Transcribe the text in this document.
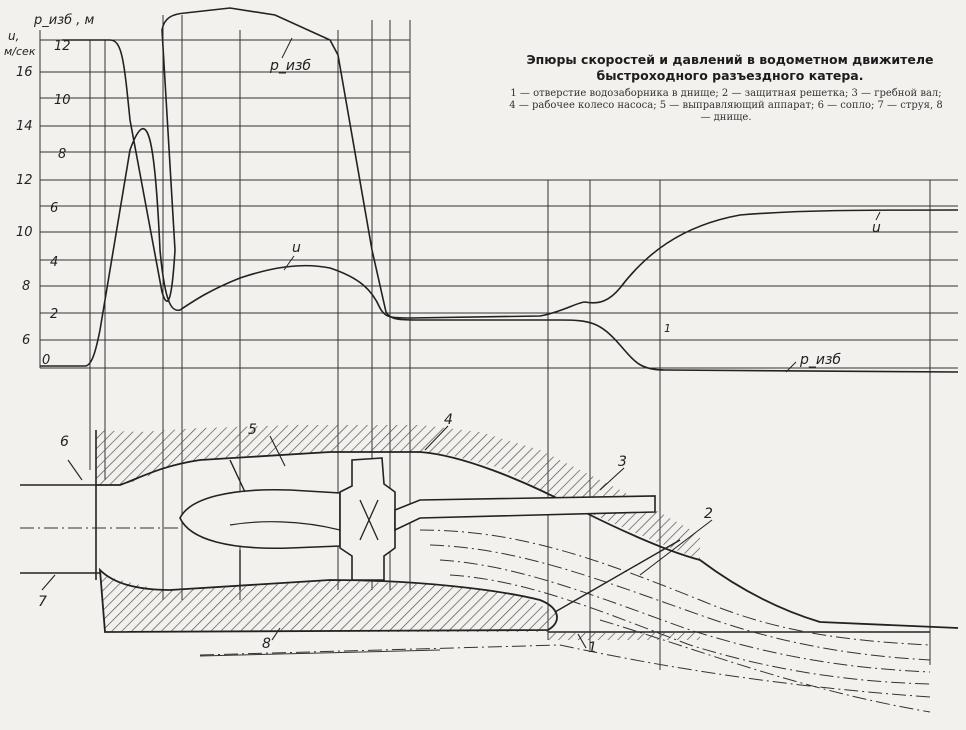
12
10
8
6
4
2
0
16
14
12
10
8
6
p_изб , м
u,
м/сек
p_изб
u
u
p_изб
1
1
2
3
4
5
6
7
8
Эпюры скоростей и давлений в водометном движителе быстроходного разъездного катера.
1 — отверстие водозаборника в днище; 2 — защитная решетка; 3 — гребной вал; 4 — рабочее колесо насоса; 5 — выправляющий аппарат; 6 — сопло; 7 — струя, 8 — днище.
